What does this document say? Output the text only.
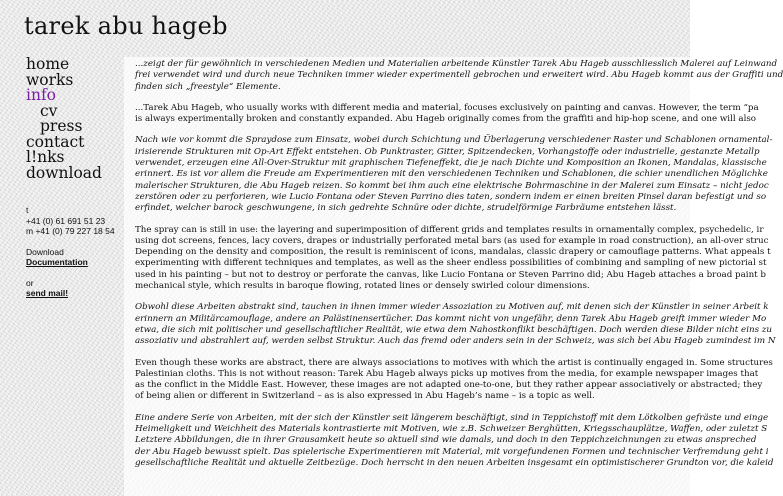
tarek abu hageb
home
works
info
cv
press
contact
l!nks
download
t
+41 (0) 61 691 51 23
m +41 (0) 79 227 18 54
Download
Documentation
or
send mail!

...zeigt der für gewöhnlich in verschiedenen Medien und Materialien arbeitende Künstler Tarek Abu Hageb ausschliesslich Malerei auf Leinwand
frei verwendet wird und durch neue Techniken immer wieder experimentell gebrochen und erweitert wird. Abu Hageb kommt aus der Graffiti und
finden sich „freestyle“ Elemente.

...Tarek Abu Hageb, who usually works with different media and material, focuses exclusively on painting and canvas. However, the term “pa
is always experimentally broken and constantly expanded. Abu Hageb originally comes from the graffiti and hip-hop scene, and one will also

Nach wie vor kommt die Spraydose zum Einsatz, wobei durch Schichtung und Überlagerung verschiedener Raster und Schablonen ornamental-
irisierende Strukturen mit Op-Art Effekt entstehen. Ob Punktraster, Gitter, Spitzendecken, Vorhangstoffe oder industrielle, gestanzte Metallp
verwendet, erzeugen eine All-Over-Struktur mit graphischen Tiefeneffekt, die je nach Dichte und Komposition an Ikonen, Mandalas, klassische
erinnert. Es ist vor allem die Freude am Experimentieren mit den verschiedenen Techniken und Schablonen, die schier unendlichen Möglichke
malerischer Strukturen, die Abu Hageb reizen. So kommt bei ihm auch eine elektrische Bohrmaschine in der Malerei zum Einsatz – nicht jedoc
zerstören oder zu perforieren, wie Lucio Fontana oder Steven Parrino dies taten, sondern indem er einen breiten Pinsel daran befestigt und so
erfindet, welcher barock geschwungene, in sich gedrehte Schnüre oder dichte, strudelförmige Farbräume entstehen lässt.

The spray can is still in use: the layering and superimposition of different grids and templates results in ornamentally complex, psychedelic, ir
using dot screens, fences, lacy covers, drapes or industrially perforated metal bars (as used for example in road construction), an all-over struc
Depending on the density and composition, the result is reminiscent of icons, mandalas, classic drapery or camouflage patterns. What appeals t
experimenting with different techniques and templates, as well as the sheer endless possibilities of combining and sampling of new pictorial st
used in his painting – but not to destroy or perforate the canvas, like Lucio Fontana or Steven Parrino did; Abu Hageb attaches a broad paint b
mechanical style, which results in baroque flowing, rotated lines or densely swirled colour dimensions.

Obwohl diese Arbeiten abstrakt sind, tauchen in ihnen immer wieder Assoziation zu Motiven auf, mit denen sich der Künstler in seiner Arbeit k
erinnern an Militärcamouflage, andere an Palästinensertücher. Das kommt nicht von ungefähr, denn Tarek Abu Hageb greift immer wieder Mo
etwa, die sich mit politischer und gesellschaftlicher Realität, wie etwa dem Nahostkonflikt beschäftigen. Doch werden diese Bilder nicht eins zu
assoziativ und abstrahlert auf, werden selbst Struktur. Auch das fremd oder anders sein in der Schweiz, was sich bei Abu Hageb zumindest im N

Even though these works are abstract, there are always associations to motives with which the artist is continually engaged in. Some structures
Palestinian cloths. This is not without reason: Tarek Abu Hageb always picks up motives from the media, for example newspaper images that
as the conflict in the Middle East. However, these images are not adapted one-to-one, but they rather appear associatively or abstracted; they
of being alien or different in Switzerland – as is also expressed in Abu Hageb’s name – is a topic as well.

Eine andere Serie von Arbeiten, mit der sich der Künstler seit längerem beschäftigt, sind in Teppichstoff mit dem Lötkolben gefräste und einge
Heimeligkeit und Weichheit des Materials kontrastierte mit Motiven, wie z.B. Schweizer Berghütten, Kriegsschauplätze, Waffen, oder zuletzt S
Letztere Abbildungen, die in ihrer Grausamkeit heute so aktuell sind wie damals, und doch in den Teppichzeichnungen zu etwas anspreched
der Abu Hageb bewusst spielt. Das spielerische Experimentieren mit Material, mit vorgefundenen Formen und technischer Verfremdung geht i
gesellschaftliche Realität und aktuelle Zeitbezüge. Doch herrscht in den neuen Arbeiten insgesamt ein optimistischerer Grundton vor, die kaleid
